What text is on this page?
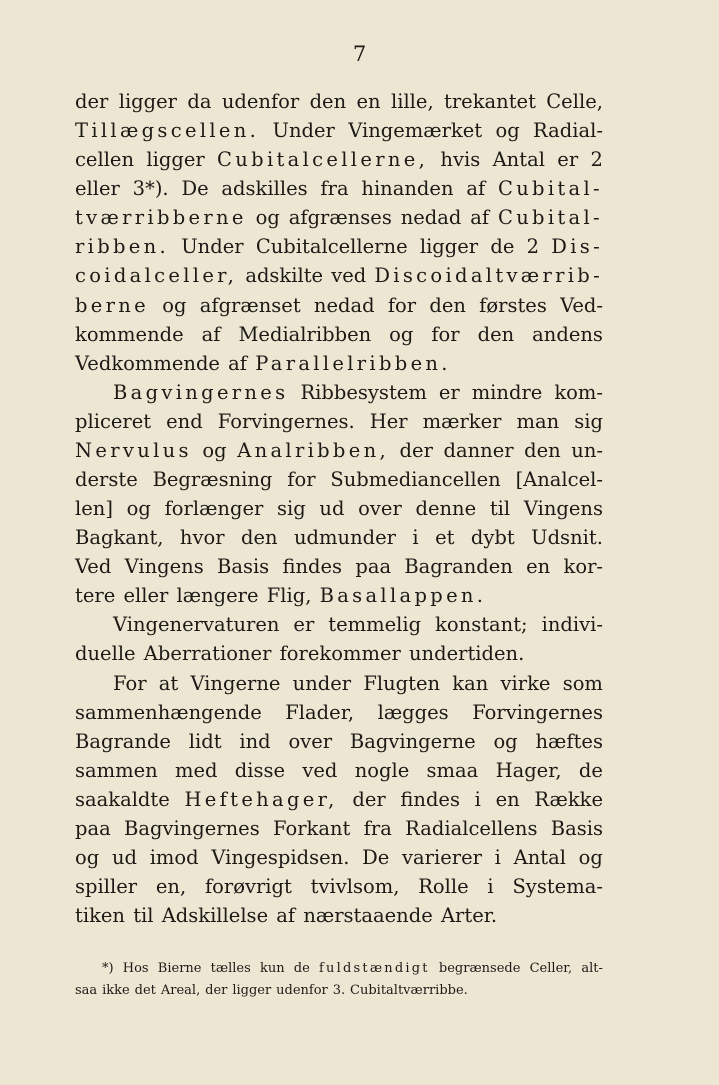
7
der ligger da udenfor den en lille, trekantet Celle,
Tillægscellen. Under Vingemærket og Radial-
cellen ligger Cubitalcellerne, hvis Antal er 2
eller 3*). De adskilles fra hinanden af Cubital-
tværribberne og afgrænses nedad af Cubital-
ribben. Under Cubitalcellerne ligger de 2 Dis-
coidalceller, adskilte ved Discoidaltværrib-
berne og afgrænset nedad for den førstes Ved-
kommende af Medialribben og for den andens
Vedkommende af Parallelribben.
Bagvingernes Ribbesystem er mindre kom-
pliceret end Forvingernes. Her mærker man sig
Nervulus og Analribben, der danner den un-
derste Begræsning for Submediancellen [Analcel-
len] og forlænger sig ud over denne til Vingens
Bagkant, hvor den udmunder i et dybt Udsnit.
Ved Vingens Basis findes paa Bagranden en kor-
tere eller længere Flig, Basallappen.
Vingenervaturen er temmelig konstant; indivi-
duelle Aberrationer forekommer undertiden.
For at Vingerne under Flugten kan virke som
sammenhængende Flader, lægges Forvingernes
Bagrande lidt ind over Bagvingerne og hæftes
sammen med disse ved nogle smaa Hager, de
saakaldte Heftehager, der findes i en Række
paa Bagvingernes Forkant fra Radialcellens Basis
og ud imod Vingespidsen. De varierer i Antal og
spiller en, forøvrigt tvivlsom, Rolle i Systema-
tiken til Adskillelse af nærstaaende Arter.
*) Hos Bierne tælles kun de fuldstændigt begrænsede Celler, alt-
saa ikke det Areal, der ligger udenfor 3. Cubitaltværribbe.
